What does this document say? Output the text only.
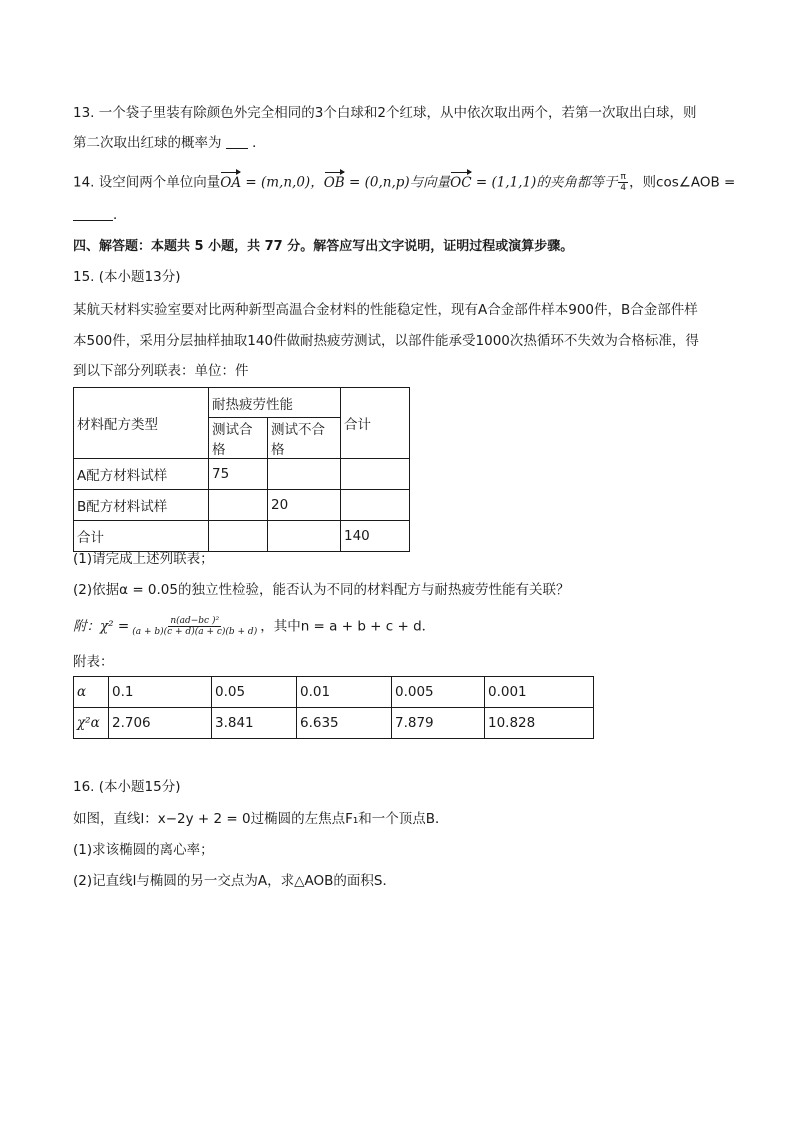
13. 一个袋子里装有除颜色外完全相同的3个白球和2个红球，从中依次取出两个，若第一次取出白球，则
第二次取出红球的概率为 ．
14. 设空间两个单位向量OA = (m,n,0)，OB = (0,n,p)与向量OC = (1,1,1)的夹角都等于 $\frac{\pi}{4}$ ，则cos∠AOB =
．
四、解答题：本题共 5 小题，共 77 分。解答应写出文字说明，证明过程或演算步骤。
15. (本小题13分)
某航天材料实验室要对比两种新型高温合金材料的性能稳定性，现有A合金部件样本900件，B合金部件样
本500件，采用分层抽样抽取140件做耐热疲劳测试，以部件能承受1000次热循环不失效为合格标准，得
到以下部分列联表：单位：件
材料配方类型	耐热疲劳性能		合计
	测试合格	测试不合格	
A配方材料试样	75		
B配方材料试样		20	
合计			140
(1)请完成上述列联表；
(2)依据α = 0.05的独立性检验，能否认为不同的材料配方与耐热疲劳性能有关联？
附：$\chi^2 = \frac{\text{n(ad−bc )²}}{(a + b)(c + d)(a + c)(b + d)}$ ，其中n = a + b + c + d．
附表：
α	0.1	0.05	0.01	0.005	0.001
χ²α	2.706	3.841	6.635	7.879	10.828
16. (本小题15分)
如图，直线l：x−2y + 2 = 0过椭圆的左焦点F₁和一个顶点B．
(1)求该椭圆的离心率；
(2)记直线l与椭圆的另一交点为A，求△AOB的面积S．
